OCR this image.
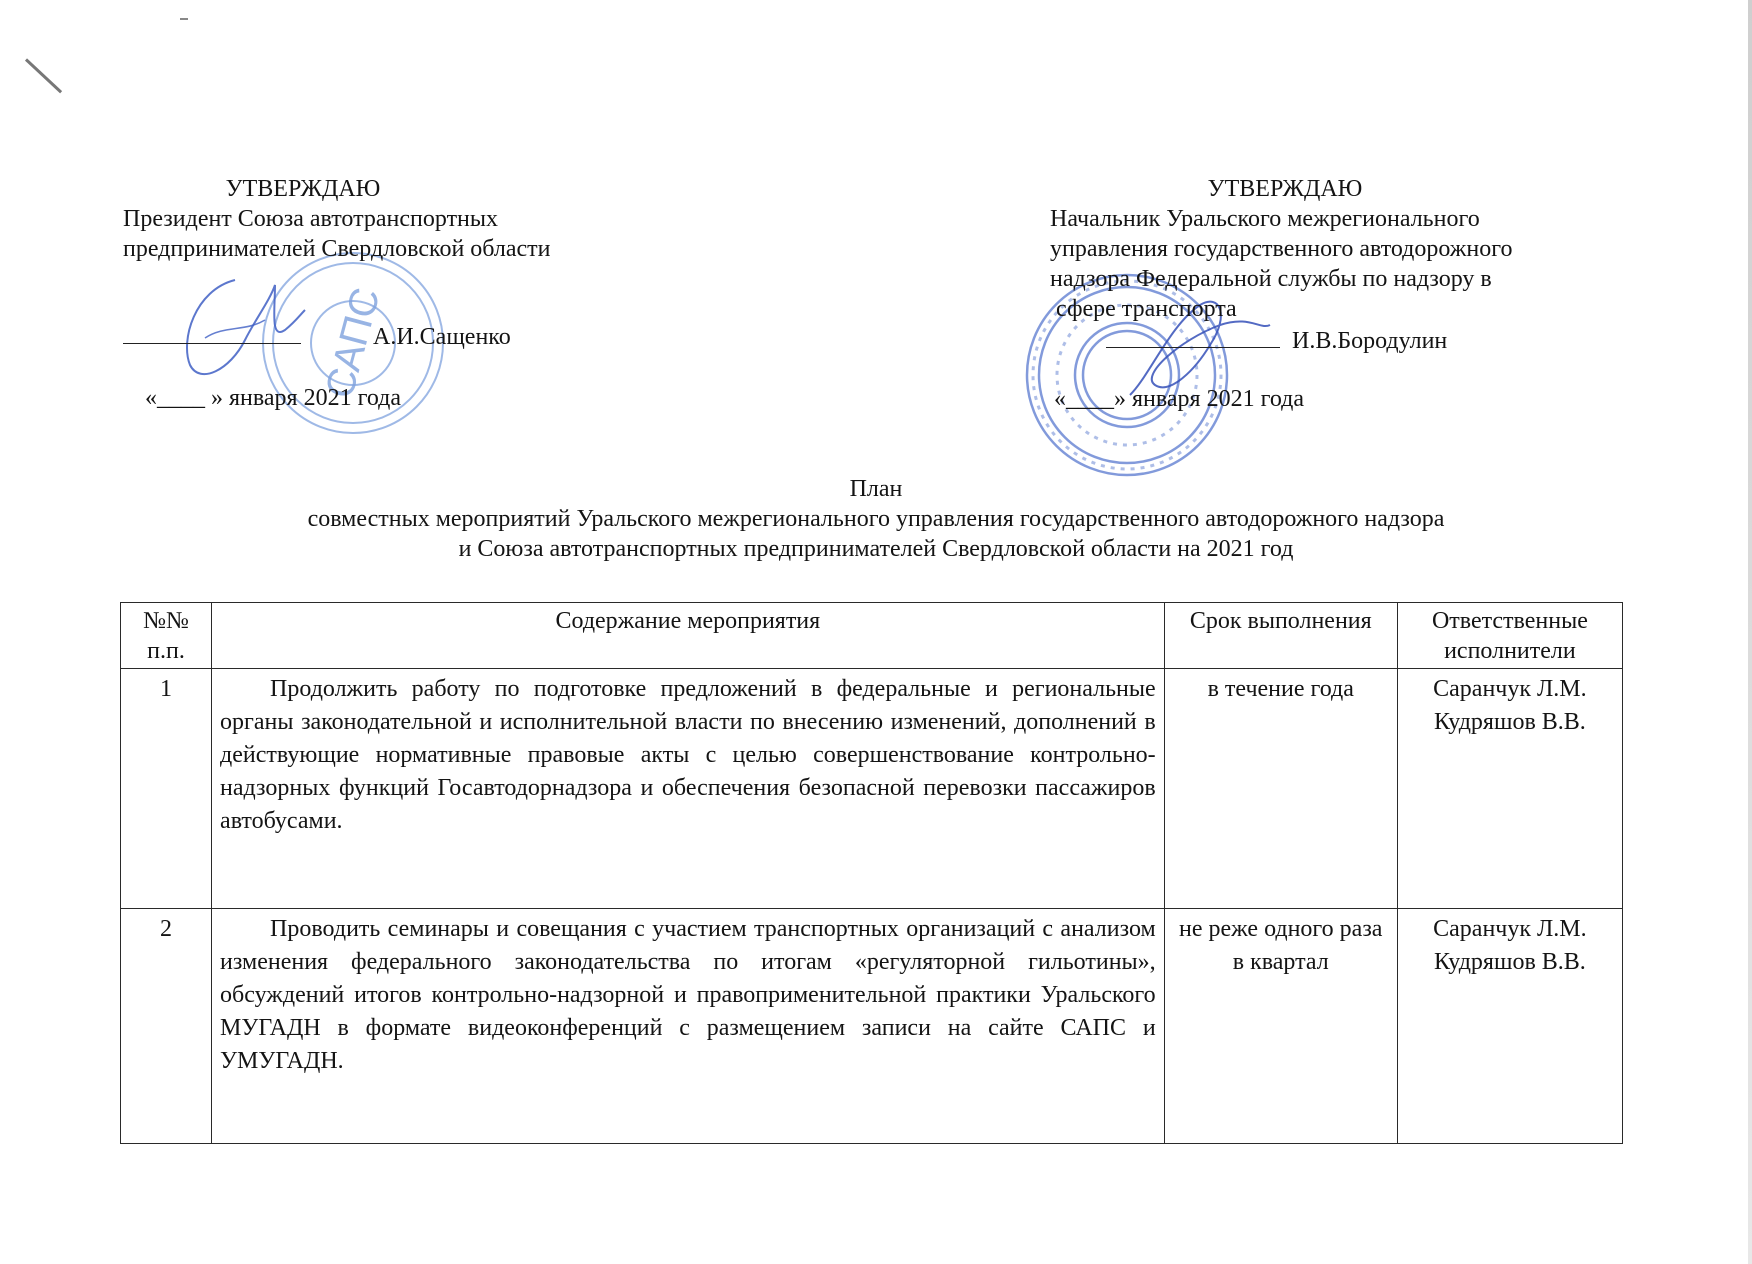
САПС
УТВЕРЖДАЮ
Президент Союза автотранспортных
предпринимателей Свердловской области
А.И.Сащенко
«____ » января 2021 года
УТВЕРЖДАЮ
Начальник Уральского межрегионального
управления государственного автодорожного
надзора Федеральной службы по надзору в
сфере транспорта
И.В.Бородулин
«____» января 2021 года
План
совместных мероприятий Уральского межрегионального управления государственного автодорожного надзора
и Союза автотранспортных предпринимателей Свердловской области на 2021 год
№№ п.п.	Содержание мероприятия	Срок выполнения	Ответственные исполнители
1	Продолжить работу по подготовке предложений в федеральные и региональные органы законодательной и исполнительной власти по внесению изменений, дополнений в действующие нормативные правовые акты с целью совершенствование контрольно-надзорных функций Госавтодорнадзора и обеспечения безопасной перевозки пассажиров автобусами.	в течение года	Саранчук Л.М.
Кудряшов В.В.

2	Проводить семинары и совещания с участием транспортных организаций с анализом изменения федерального законодательства по итогам «регуляторной гильотины», обсуждений итогов контрольно-надзорной и правоприменительной практики Уральского МУГАДН в формате видеоконференций с размещением записи на сайте САПС и УМУГАДН.	не реже одного раза в квартал	Саранчук Л.М.
Кудряшов В.В.
